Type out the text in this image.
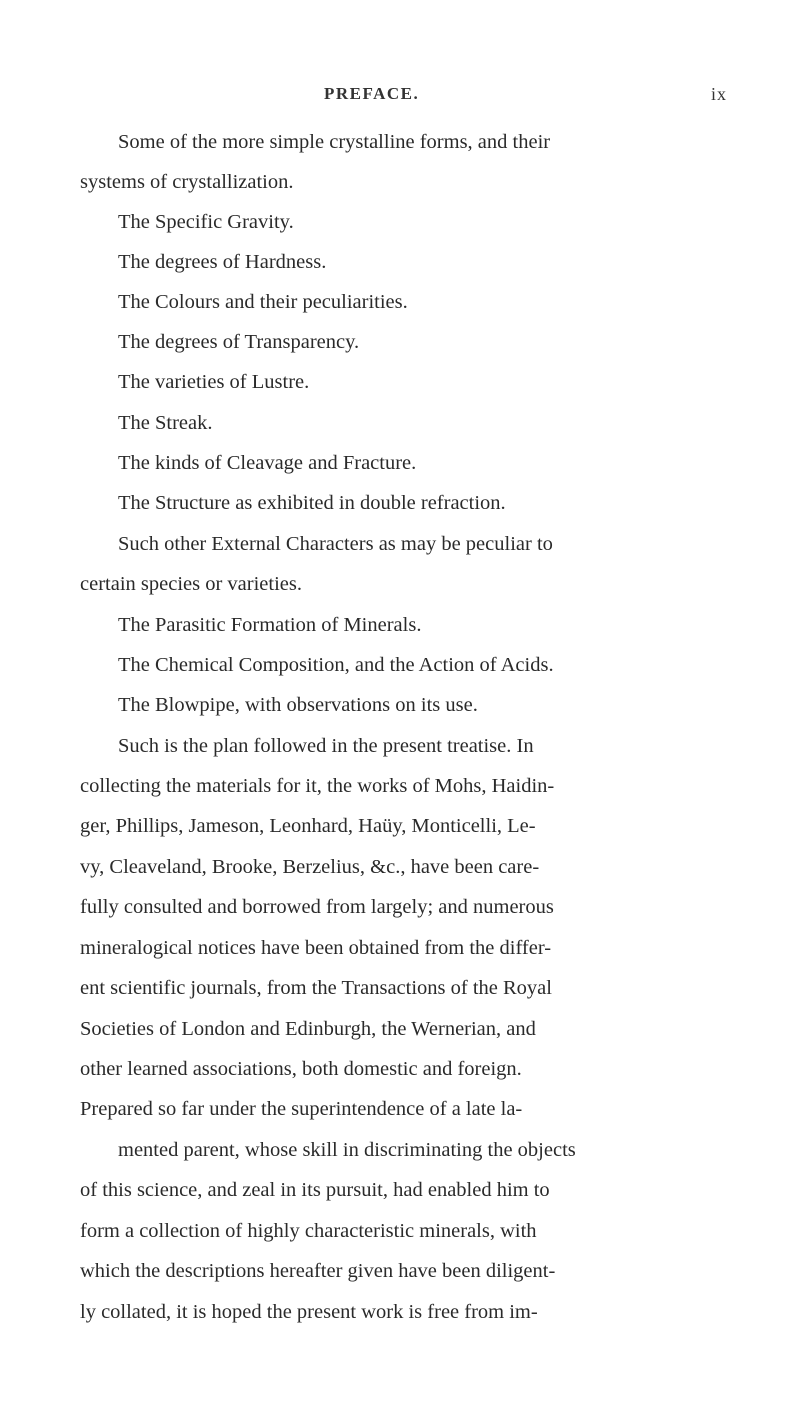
PREFACE.	ix
Some of the more simple crystalline forms, and their
systems of crystallization.
The Specific Gravity.
The degrees of Hardness.
The Colours and their peculiarities.
The degrees of Transparency.
The varieties of Lustre.
The Streak.
The kinds of Cleavage and Fracture.
The Structure as exhibited in double refraction.
Such other External Characters as may be peculiar to
certain species or varieties.
The Parasitic Formation of Minerals.
The Chemical Composition, and the Action of Acids.
The Blowpipe, with observations on its use.
Such is the plan followed in the present treatise. In
collecting the materials for it, the works of Mohs, Haidin-
ger, Phillips, Jameson, Leonhard, Haüy, Monticelli, Le-
vy, Cleaveland, Brooke, Berzelius, &c., have been care-
fully consulted and borrowed from largely; and numerous
mineralogical notices have been obtained from the differ-
ent scientific journals, from the Transactions of the Royal
Societies of London and Edinburgh, the Wernerian, and
other learned associations, both domestic and foreign.
Prepared so far under the superintendence of a late la-
mented parent, whose skill in discriminating the objects
of this science, and zeal in its pursuit, had enabled him to
form a collection of highly characteristic minerals, with
which the descriptions hereafter given have been diligent-
ly collated, it is hoped the present work is free from im-
